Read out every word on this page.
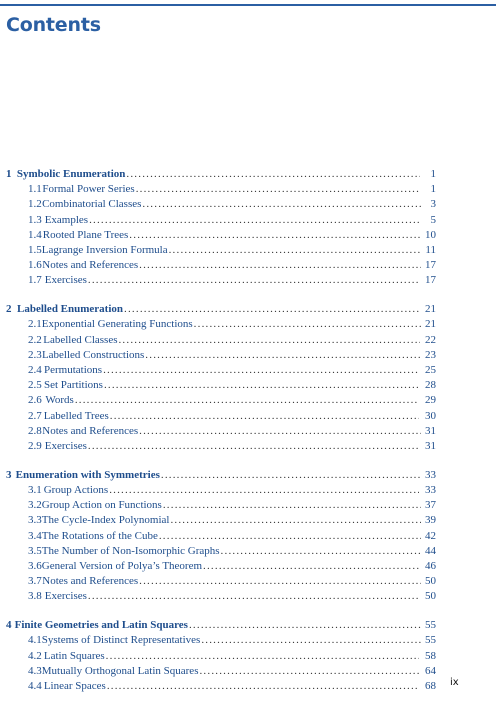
Contents
1 Symbolic Enumeration .....	1
1.1 Formal Power Series .....	1
1.2 Combinatorial Classes .....	3
1.3 Examples .....	5
1.4 Rooted Plane Trees .....	10
1.5 Lagrange Inversion Formula .....	11
1.6 Notes and References .....	17
1.7 Exercises .....	17
2 Labelled Enumeration .....	21
2.1 Exponential Generating Functions .....	21
2.2 Labelled Classes .....	22
2.3 Labelled Constructions .....	23
2.4 Permutations .....	25
2.5 Set Partitions .....	28
2.6 Words .....	29
2.7 Labelled Trees .....	30
2.8 Notes and References .....	31
2.9 Exercises .....	31
3 Enumeration with Symmetries .....	33
3.1 Group Actions .....	33
3.2 Group Action on Functions .....	37
3.3 The Cycle-Index Polynomial .....	39
3.4 The Rotations of the Cube .....	42
3.5 The Number of Non-Isomorphic Graphs .....	44
3.6 General Version of Polya’s Theorem .....	46
3.7 Notes and References .....	50
3.8 Exercises .....	50
4 Finite Geometries and Latin Squares .....	55
4.1 Systems of Distinct Representatives .....	55
4.2 Latin Squares .....	58
4.3 Mutually Orthogonal Latin Squares .....	64
4.4 Linear Spaces .....	68 ix
